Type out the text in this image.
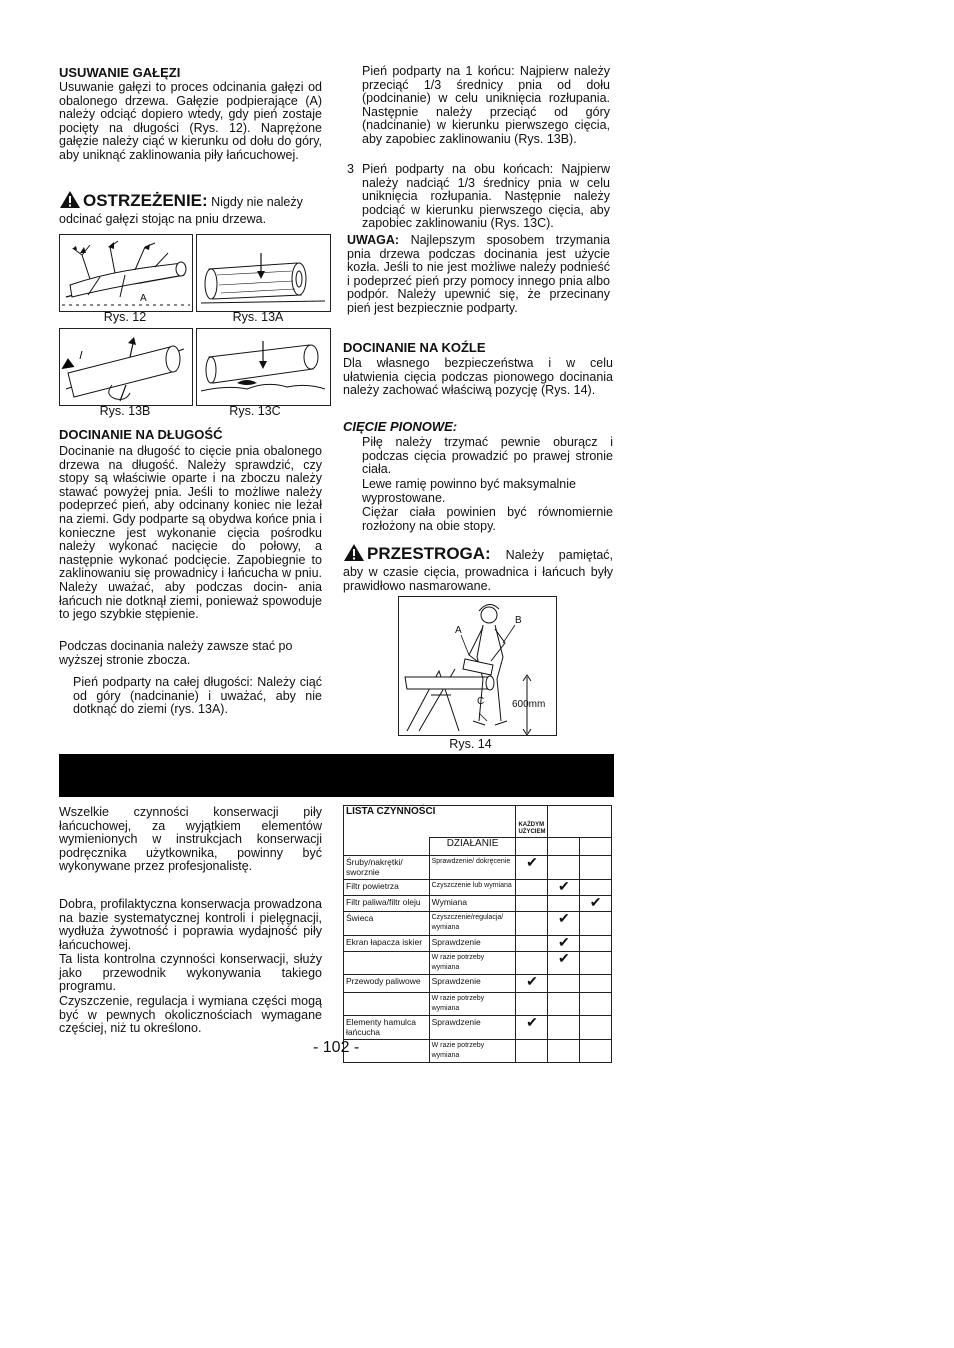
USUWANIE GAŁĘZI

Usuwanie gałęzi to proces odcinania gałęzi od obalonego drzewa. Gałęzie podpierające (A) należy odciąć dopiero wtedy, gdy pień zostaje pocięty na długości (Rys. 12). Naprężone gałęzie należy ciąć w kierunku od dołu do góry, aby uniknąć zaklinowania piły łańcuchowej.

OSTRZEŻENIE: Nigdy nie należy odcinać gałęzi stojąc na pniu drzewa.
A
Rys. 12	Rys. 13A
Rys. 13B	Rys. 13C
DOCINANIE NA DŁUGOŚĆ

Docinanie na długość to cięcie pnia obalonego drzewa na długość. Należy sprawdzić, czy stopy są właściwie oparte i na zboczu należy stawać powyżej pnia. Jeśli to możliwe należy podeprzeć pień, aby odcinany koniec nie leżał na ziemi. Gdy podparte są obydwa końce pnia i konieczne jest wykonanie cięcia pośrodku należy wykonać nacięcie do połowy, a następnie wykonać podcięcie. Zapobiegnie to zaklinowaniu się prowadnicy i łańcucha w pniu. Należy uważać, aby podczas docin- ania łańcuch nie dotknął ziemi, ponieważ spowoduje to jego szybkie stępienie.

Podczas docinania należy zawsze stać po wyższej stronie zbocza.

Pień podparty na całej długości: Należy ciąć od góry (nadcinanie) i uważać, aby nie dotknąć do ziemi (rys. 13A).

Pień podparty na 1 końcu: Najpierw należy przeciąć 1/3 średnicy pnia od dołu (podcinanie) w celu uniknięcia rozłupania. Następnie należy przeciąć od góry (nadcinanie) w kierunku pierwszego cięcia, aby zapobiec zaklinowaniu (Rys. 13B).

3 Pień podparty na obu końcach: Najpierw należy nadciąć 1/3 średnicy pnia w celu uniknięcia rozłupania. Następnie należy podciąć w kierunku pierwszego cięcia, aby zapobiec zaklinowaniu (Rys. 13C).

UWAGA: Najlepszym sposobem trzymania pnia drzewa podczas docinania jest użycie kozła. Jeśli to nie jest możliwe należy podnieść i podeprzeć pień przy pomocy innego pnia albo podpór. Należy upewnić się, że przecinany pień jest bezpiecznie podparty.

DOCINANIE NA KOŹLE

Dla własnego bezpieczeństwa i w celu ułatwienia cięcia podczas pionowego docinania należy zachować właściwą pozycję (Rys. 14).

CIĘCIE PIONOWE:

Piłę należy trzymać pewnie oburącz i podczas cięcia prowadzić po prawej stronie ciała.

Lewe ramię powinno być maksymalnie wyprostowane.

Ciężar ciała powinien być równomiernie rozłożony na obie stopy.

PRZESTROGA: Należy pamiętać, aby w czasie cięcia, prowadnica i łańcuch były prawidłowo nasmarowane.
A
B
C	600mm
Rys. 14

Wszelkie czynności konserwacji piły łańcuchowej, za wyjątkiem elementów wymienionych w instrukcjach konserwacji podręcznika użytkownika, powinny być wykonywane przez profesjonalistę.

Dobra, profilaktyczna konserwacja prowadzona na bazie systematycznej kontroli i pielęgnacji, wydłuża żywotność i poprawia wydajność piły łańcuchowej.

Ta lista kontrolna czynności konserwacji, służy jako przewodnik wykonywania takiego programu.

Czyszczenie, regulacja i wymiana części mogą być w pewnych okolicznościach wymagane częściej, niż tu określono.

LISTA CZYNNOŚCI		KAŻDYM UŻYCIEM		
	DZIAŁANIE			
Śruby/nakrętki/ sworznie	Sprawdzenie/ dokręcenie	✔		
Filtr powietrza	Czyszczenie lub wymiana		✔	
Filtr paliwa/filtr oleju	Wymiana			✔
Świeca	Czyszczenie/regulacja/ wymiana		✔	
Ekran łapacza iskier	Sprawdzenie		✔	
	W razie potrzeby wymiana		✔	
Przewody paliwowe	Sprawdzenie	✔		
	W razie potrzeby wymiana			
Elementy hamulca łańcucha	Sprawdzenie	✔		
	W razie potrzeby wymiana			
- 102 -
